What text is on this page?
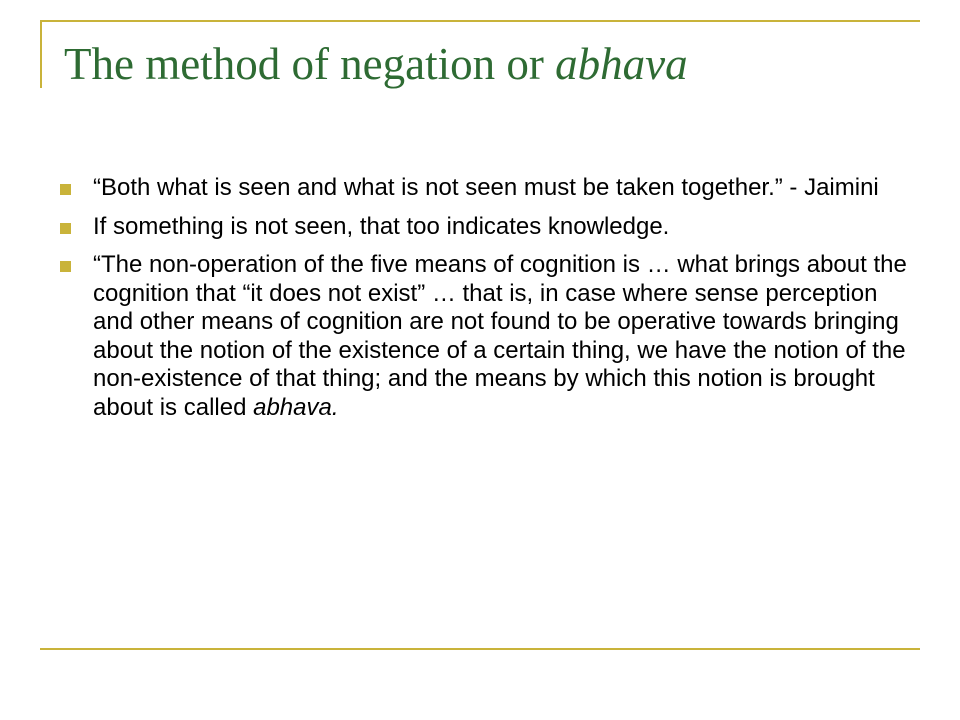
The method of negation or abhava
“Both what is seen and what is not seen must be taken together.” - Jaimini
If something is not seen, that too indicates knowledge.
“The non-operation of the five means of cognition is … what brings about the cognition that “it does not exist” … that is, in case where sense perception and other means of cognition are not found to be operative towards bringing about the notion of the existence of a certain thing, we have the notion of the non-existence of that thing; and the means by which this notion is brought about is called abhava.
